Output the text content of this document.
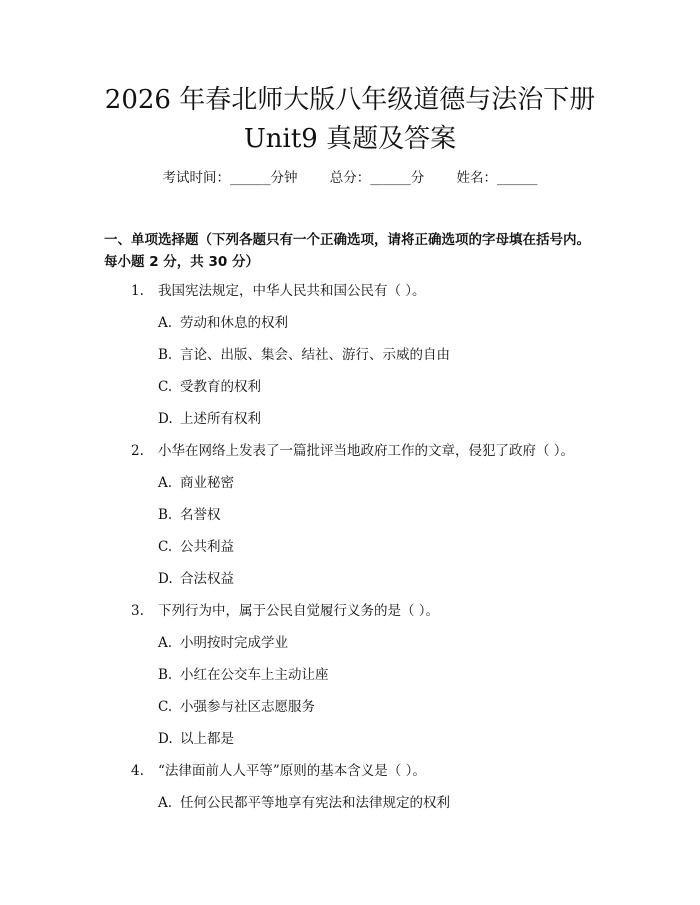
2026 年春北师大版八年级道德与法治下册
Unit9 真题及答案
考试时间：______分钟 总分：______分 姓名：______
一、单项选择题（下列各题只有一个正确选项，请将正确选项的字母填在括号内。每小题 2 分，共 30 分）
1. 我国宪法规定，中华人民共和国公民有（ ）。
A. 劳动和休息的权利
B. 言论、出版、集会、结社、游行、示威的自由
C. 受教育的权利
D. 上述所有权利
2. 小华在网络上发表了一篇批评当地政府工作的文章，侵犯了政府（ ）。
A. 商业秘密
B. 名誉权
C. 公共利益
D. 合法权益
3. 下列行为中，属于公民自觉履行义务的是（ ）。
A. 小明按时完成学业
B. 小红在公交车上主动让座
C. 小强参与社区志愿服务
D. 以上都是
4. “法律面前人人平等”原则的基本含义是（ ）。
A. 任何公民都平等地享有宪法和法律规定的权利
